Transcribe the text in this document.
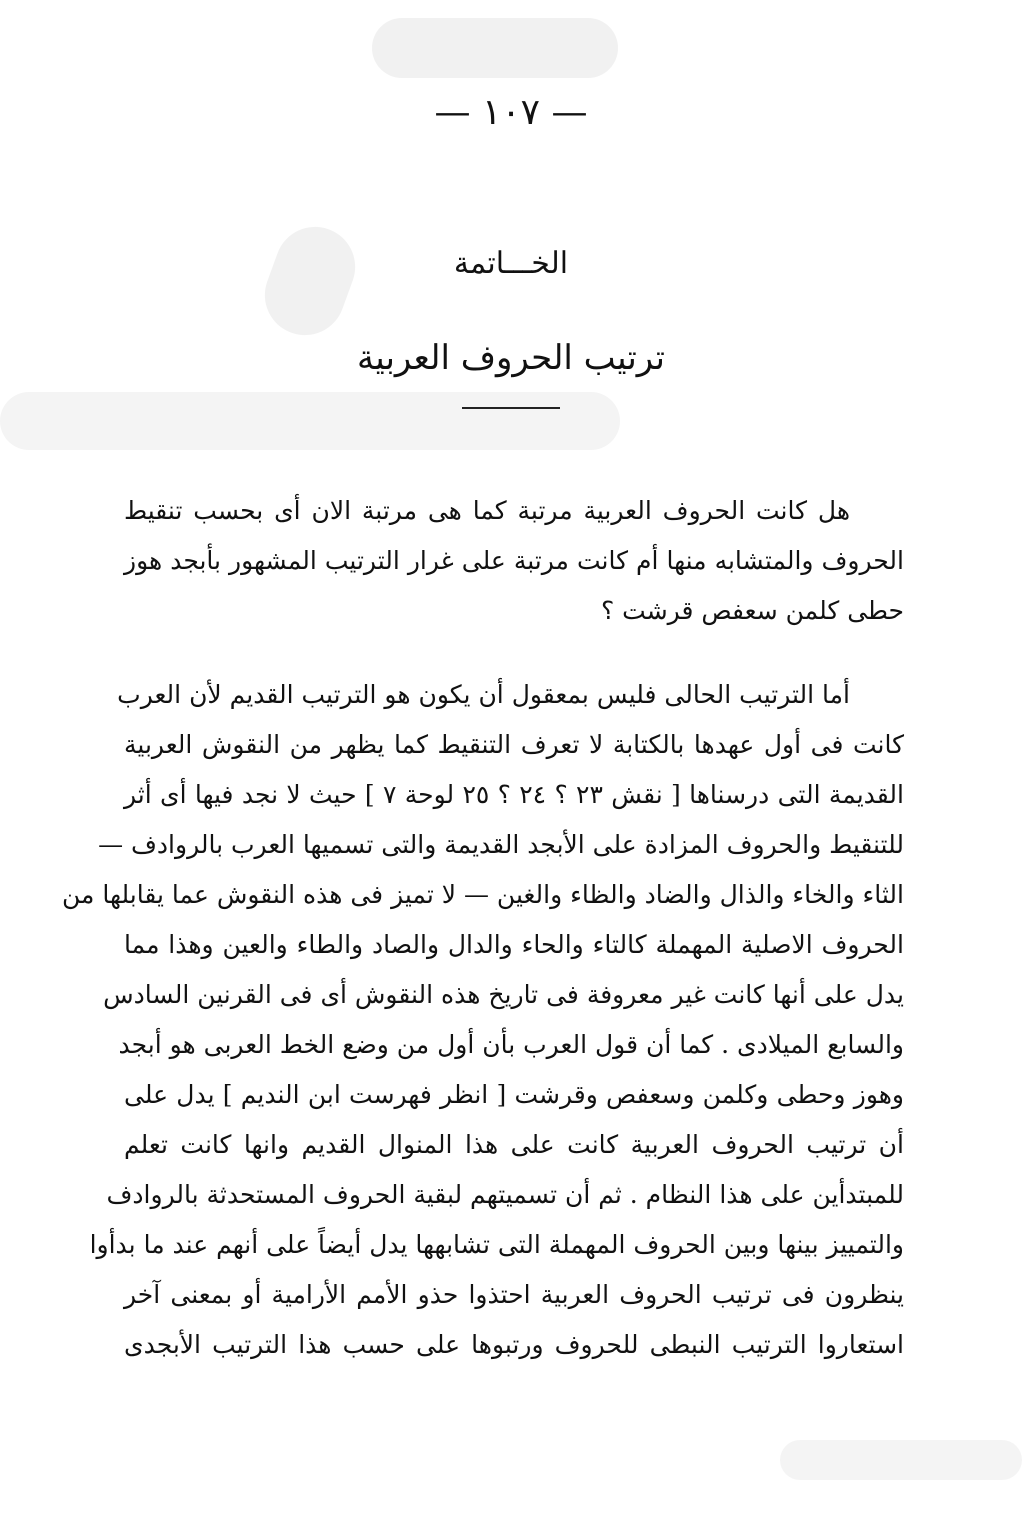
— ١٠٧ —
الخـــاتمة
ترتيب الحروف العربية
هل كانت الحروف العربية مرتبة كما هى مرتبة الان أى بحسب تنقيط
الحروف والمتشابه منها أم كانت مرتبة على غرار الترتيب المشهور بأبجد هوز
حطى كلمن سعفص قرشت ؟
أما الترتيب الحالى فليس بمعقول أن يكون هو الترتيب القديم لأن العرب
كانت فى أول عهدها بالكتابة لا تعرف التنقيط كما يظهر من النقوش العربية
القديمة التى درسناها [ نقش ٢٣ ؟ ٢٤ ؟ ٢٥ لوحة ٧ ] حيث لا نجد فيها أى أثر
للتنقيط والحروف المزادة على الأبجد القديمة والتى تسميها العرب بالروادف —
الثاء والخاء والذال والضاد والظاء والغين — لا تميز فى هذه النقوش عما يقابلها من
الحروف الاصلية المهملة كالتاء والحاء والدال والصاد والطاء والعين وهذا مما
يدل على أنها كانت غير معروفة فى تاريخ هذه النقوش أى فى القرنين السادس
والسابع الميلادى . كما أن قول العرب بأن أول من وضع الخط العربى هو أبجد
وهوز وحطى وكلمن وسعفص وقرشت [ انظر فهرست ابن النديم ] يدل على
أن ترتيب الحروف العربية كانت على هذا المنوال القديم وانها كانت تعلم
للمبتدأين على هذا النظام . ثم أن تسميتهم لبقية الحروف المستحدثة بالروادف
والتمييز بينها وبين الحروف المهملة التى تشابهها يدل أيضاً على أنهم عند ما بدأوا
ينظرون فى ترتيب الحروف العربية احتذوا حذو الأمم الأرامية أو بمعنى آخر
استعاروا الترتيب النبطى للحروف ورتبوها على حسب هذا الترتيب الأبجدى
